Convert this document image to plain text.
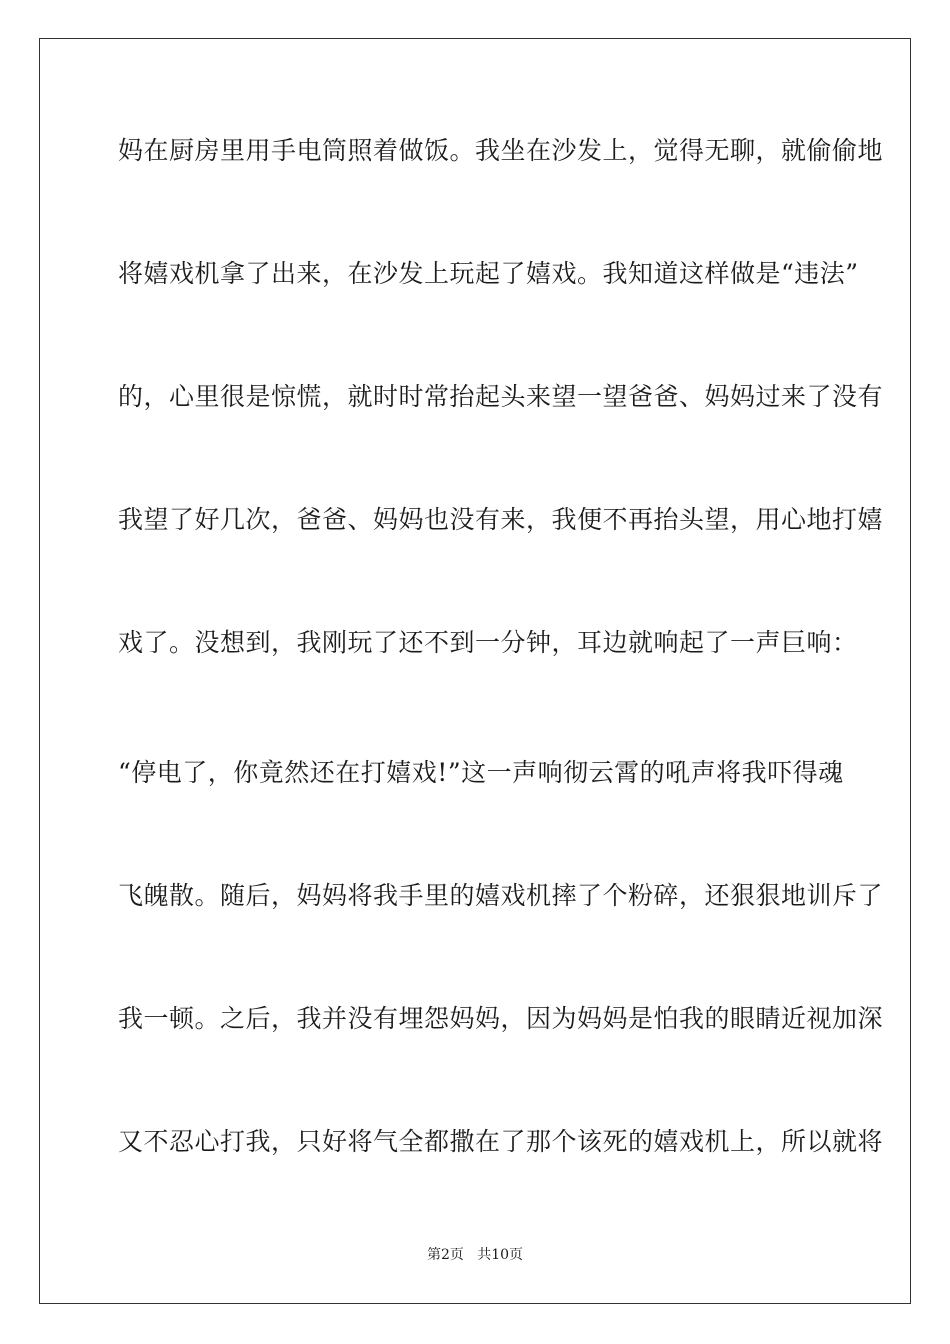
妈在厨房里用手电筒照着做饭。我坐在沙发上，觉得无聊，就偷偷地
将嬉戏机拿了出来，在沙发上玩起了嬉戏。我知道这样做是“违法”
的，心里很是惊慌，就时时常抬起头来望一望爸爸、妈妈过来了没有
我望了好几次，爸爸、妈妈也没有来，我便不再抬头望，用心地打嬉
戏了。没想到，我刚玩了还不到一分钟，耳边就响起了一声巨响：
“停电了，你竟然还在打嬉戏!”这一声响彻云霄的吼声将我吓得魂
飞魄散。随后，妈妈将我手里的嬉戏机摔了个粉碎，还狠狠地训斥了
我一顿。之后，我并没有埋怨妈妈，因为妈妈是怕我的眼睛近视加深
又不忍心打我，只好将气全都撒在了那个该死的嬉戏机上，所以就将
第2页   共10页
